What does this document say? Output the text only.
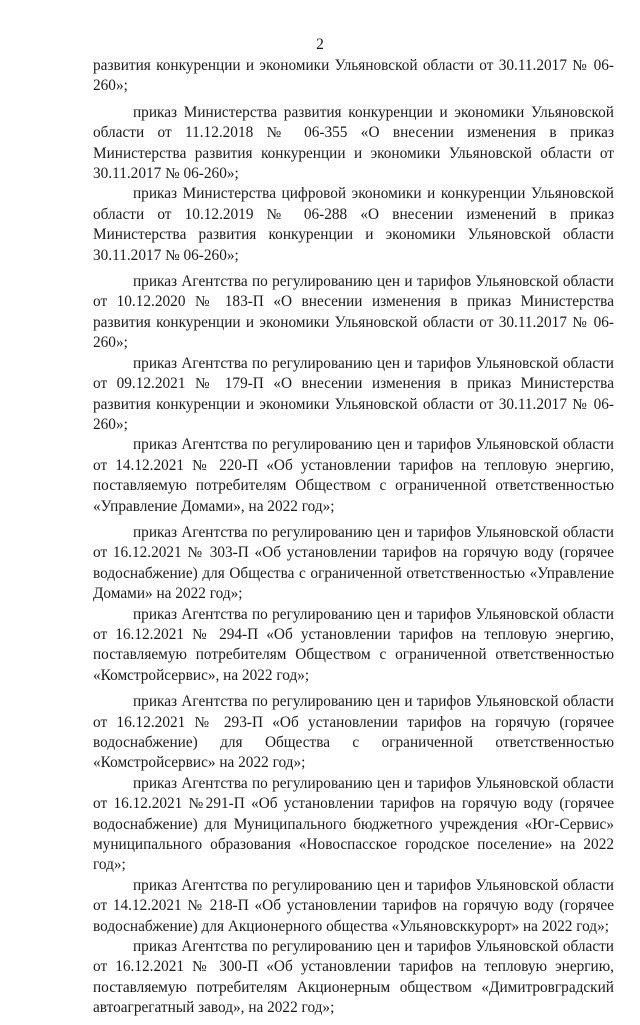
2

развития конкуренции и экономики Ульяновской области от 30.11.2017 № 06-260»;

приказ Министерства развития конкуренции и экономики Ульяновской области от 11.12.2018 № 06-355 «О внесении изменения в приказ Министерства развития конкуренции и экономики Ульяновской области от 30.11.2017 № 06-260»;

приказ Министерства цифровой экономики и конкуренции Ульяновской области от 10.12.2019 № 06-288 «О внесении изменений в приказ Министерства развития конкуренции и экономики Ульяновской области 30.11.2017 № 06-260»;

приказ Агентства по регулированию цен и тарифов Ульяновской области от 10.12.2020 № 183-П «О внесении изменения в приказ Министерства развития конкуренции и экономики Ульяновской области от 30.11.2017 № 06-260»;

приказ Агентства по регулированию цен и тарифов Ульяновской области от 09.12.2021 № 179-П «О внесении изменения в приказ Министерства развития конкуренции и экономики Ульяновской области от 30.11.2017 № 06-260»;

приказ Агентства по регулированию цен и тарифов Ульяновской области от 14.12.2021 № 220-П «Об установлении тарифов на тепловую энергию, поставляемую потребителям Обществом с ограниченной ответственностью «Управление Домами», на 2022 год»;

приказ Агентства по регулированию цен и тарифов Ульяновской области от 16.12.2021 № 303-П «Об установлении тарифов на горячую воду (горячее водоснабжение) для Общества с ограниченной ответственностью «Управление Домами» на 2022 год»;

приказ Агентства по регулированию цен и тарифов Ульяновской области от 16.12.2021 № 294-П «Об установлении тарифов на тепловую энергию, поставляемую потребителям Обществом с ограниченной ответственностью «Комстройсервис», на 2022 год»;

приказ Агентства по регулированию цен и тарифов Ульяновской области от 16.12.2021 № 293-П «Об установлении тарифов на горячую (горячее водоснабжение) для Общества с ограниченной ответственностью «Комстройсервис» на 2022 год»;

приказ Агентства по регулированию цен и тарифов Ульяновской области от 16.12.2021 №291-П «Об установлении тарифов на горячую воду (горячее водоснабжение) для Муниципального бюджетного учреждения «Юг-Сервис» муниципального образования «Новоспасское городское поселение» на 2022 год»;

приказ Агентства по регулированию цен и тарифов Ульяновской области от 14.12.2021 № 218-П «Об установлении тарифов на горячую воду (горячее водоснабжение) для Акционерного общества «Ульяновсккурорт» на 2022 год»;

приказ Агентства по регулированию цен и тарифов Ульяновской области от 16.12.2021 № 300-П «Об установлении тарифов на тепловую энергию, поставляемую потребителям Акционерным обществом «Димитровградский автоагрегатный завод», на 2022 год»;
